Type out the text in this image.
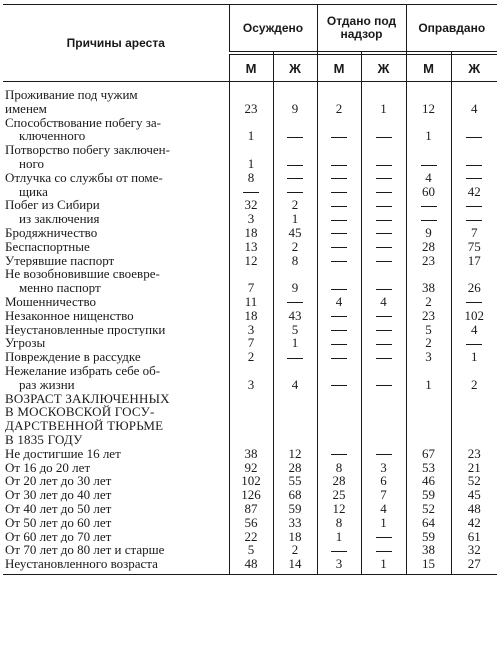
Причины ареста	Осуждено		Отдано под надзор		Оправдано	

	М	Ж	М	Ж	М	Ж

Проживание под чужим
именем	23	9	2	1	12	4

Способствование побегу за-
ключенного	1				1	

Потворство побегу заключен-
ного	1					

Отлучка со службы от поме-	8				4	

щика					60	42

Побег из Сибири	32	2				

из заключения	3	1				

Бродяжничество	18	45			9	7

Беспаспортные	13	2			28	75

Утерявшие паспорт	12	8			23	17

Не возобновившие своевре-
менно паспорт	7	9			38	26

Мошенничество	11		4	4	2	

Незаконное нищенство	18	43			23	102

Неустановленные проступки	3	5			5	4

Угрозы	7	1			2	

Повреждение в рассудке	2				3	1

Нежелание избрать себе об-
раз жизни	3	4			1	2

ВОЗРАСТ ЗАКЛЮЧЕННЫХ
В МОСКОВСКОЙ ГОСУ-
ДАРСТВЕННОЙ ТЮРЬМЕ
В 1835 ГОДУ						

Не достигшие 16 лет	38	12			67	23

От 16 до 20 лет	92	28	8	3	53	21

От 20 лет до 30 лет	102	55	28	6	46	52

От 30 лет до 40 лет	126	68	25	7	59	45

От 40 лет до 50 лет	87	59	12	4	52	48

От 50 лет до 60 лет	56	33	8	1	64	42

От 60 лет до 70 лет	22	18	1		59	61

От 70 лет до 80 лет и старше	5	2			38	32

Неустановленного возраста	48	14	3	1	15	27
